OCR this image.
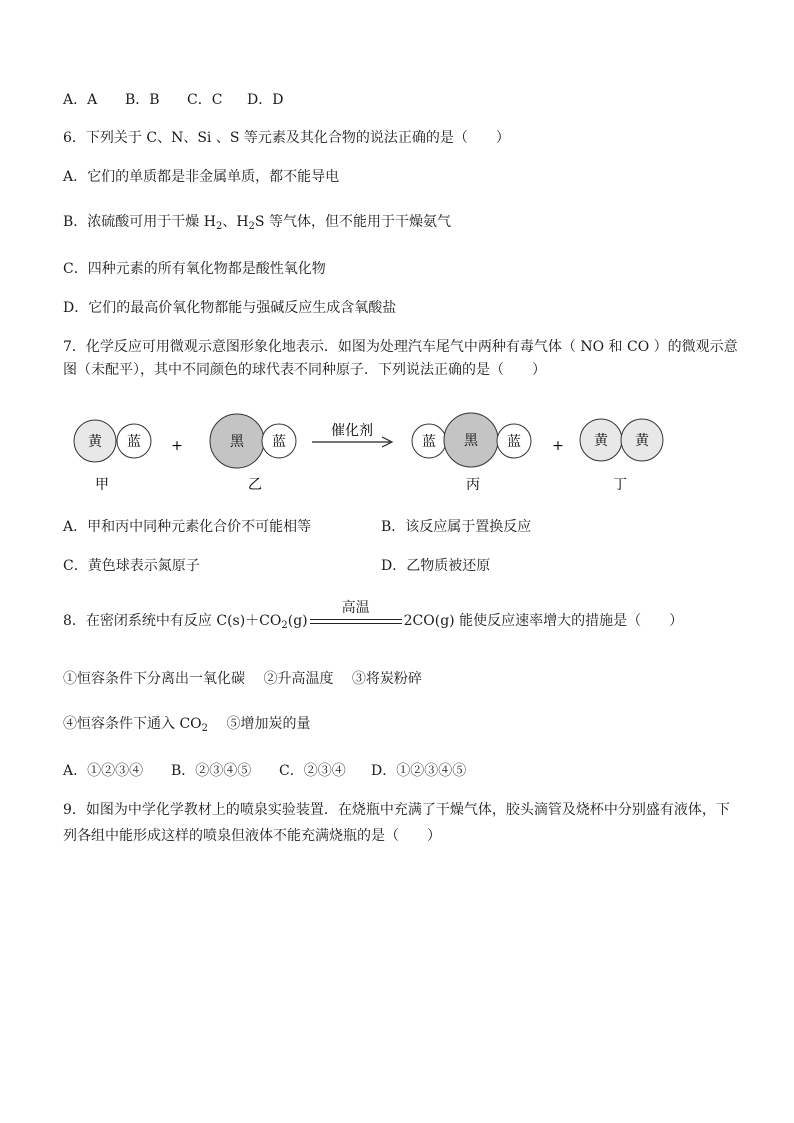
A．A B．B C．C D．D
6．下列关于 C、N、Si 、S 等元素及其化合物的说法正确的是（　　）
A．它们的单质都是非金属单质，都不能导电
B．浓硫酸可用于干燥 $H_2$、$H_2S$ 等气体，但不能用于干燥氨气
C．四种元素的所有氧化物都是酸性氧化物
D．它们的最高价氧化物都能与强碱反应生成含氧酸盐
7．化学反应可用微观示意图形象化地表示．如图为处理汽车尾气中两种有毒气体（ NO 和 CO ）的微观示意
图（未配平），其中不同颜色的球代表不同种原子．下列说法正确的是（　　）
黄 蓝 +	黑 蓝
催化剂
蓝 黑 蓝 + 黄 黄
甲	乙	丙	丁
A．甲和丙中同种元素化合价不可能相等	B．该反应属于置换反应
C．黄色球表示氮原子	D．乙物质被还原
8．在密闭系统中有反应 $C(s)+CO_2(g)$
高温
2CO(g) 能使反应速率增大的措施是（　　）
①恒容条件下分离出一氧化碳　 ②升高温度　 ③将炭粉碎
④恒容条件下通入 $CO_2$　 ⑤增加炭的量
A．①②③④ B．②③④⑤ C．②③④ D．①②③④⑤
9．如图为中学化学教材上的喷泉实验装置．在烧瓶中充满了干燥气体，胶头滴管及烧杯中分别盛有液体，下
列各组中能形成这样的喷泉但液体不能充满烧瓶的是（　　）
